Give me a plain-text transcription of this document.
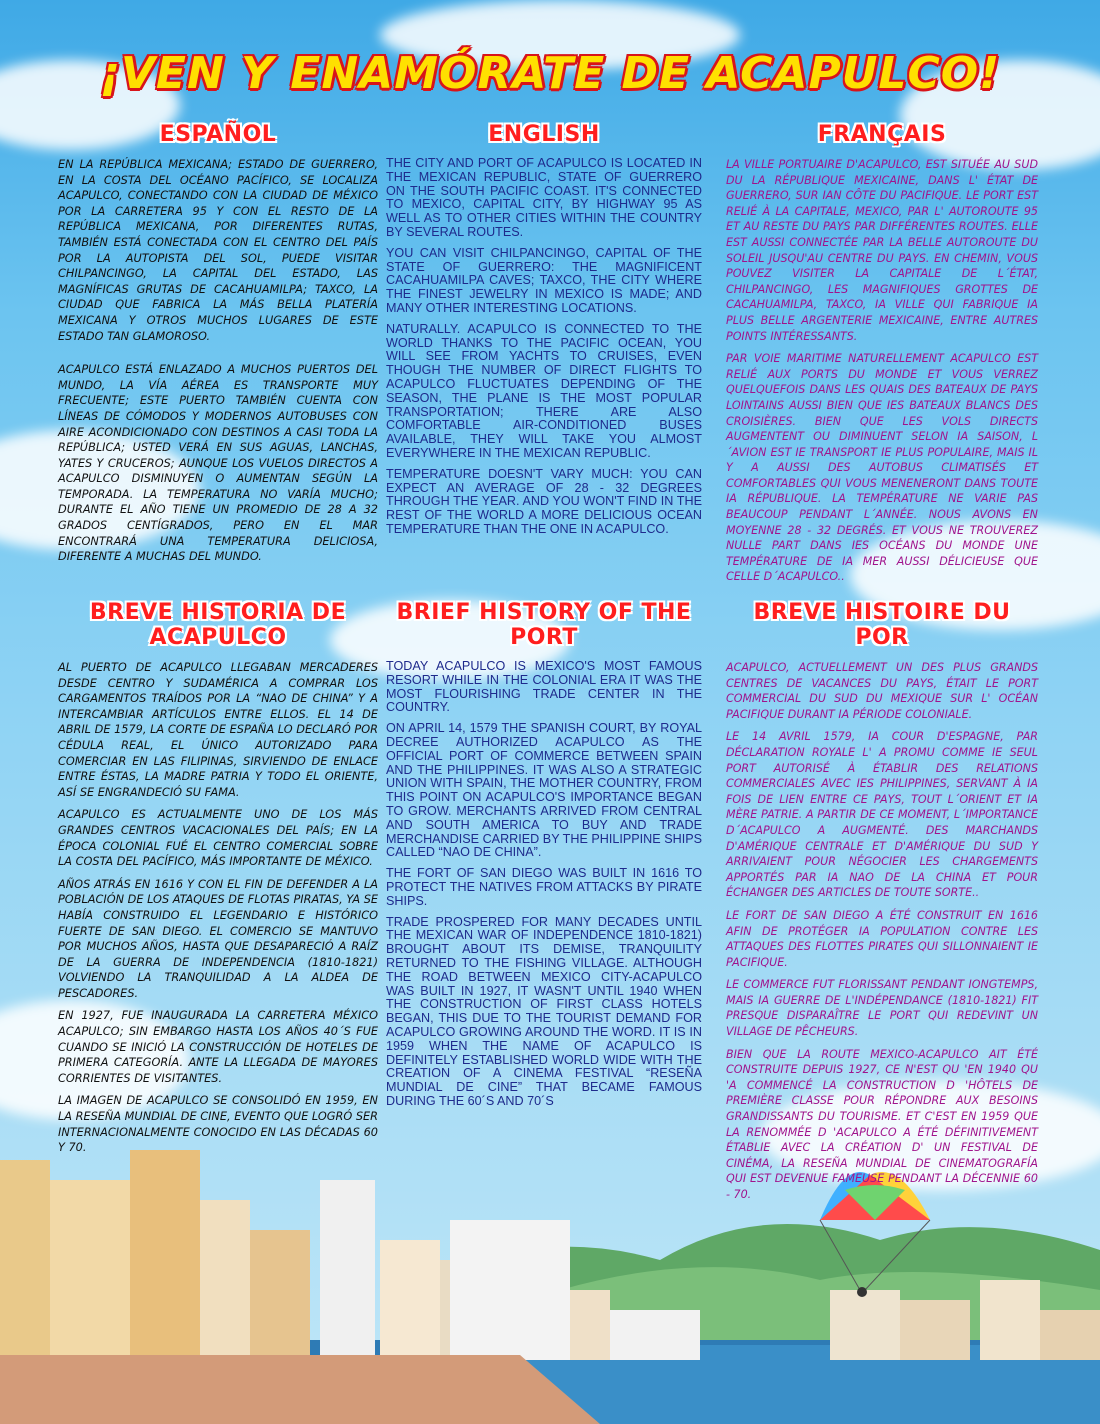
¡VEN Y ENAMÓRATE DE ACAPULCO!
ESPAÑOL

EN LA REPÚBLICA MEXICANA; ESTADO DE GUERRERO, EN LA COSTA DEL OCÉANO PACÍFICO, SE LOCALIZA ACAPULCO, CONECTANDO CON LA CIUDAD DE MÉXICO POR LA CARRETERA 95 Y CON EL RESTO DE LA REPÚBLICA MEXICANA, POR DIFERENTES RUTAS, TAMBIÉN ESTÁ CONECTADA CON EL CENTRO DEL PAÍS POR LA AUTOPISTA DEL SOL, PUEDE VISITAR CHILPANCINGO, LA CAPITAL DEL ESTADO, LAS MAGNÍFICAS GRUTAS DE CACAHUAMILPA; TAXCO, LA CIUDAD QUE FABRICA LA MÁS BELLA PLATERÍA MEXICANA Y OTROS MUCHOS LUGARES DE ESTE ESTADO TAN GLAMOROSO.

ACAPULCO ESTÁ ENLAZADO A MUCHOS PUERTOS DEL MUNDO, LA VÍA AÉREA ES TRANSPORTE MUY FRECUENTE; ESTE PUERTO TAMBIÉN CUENTA CON LÍNEAS DE CÓMODOS Y MODERNOS AUTOBUSES CON AIRE ACONDICIONADO CON DESTINOS A CASI TODA LA REPÚBLICA; USTED VERÁ EN SUS AGUAS, LANCHAS, YATES Y CRUCEROS; AUNQUE LOS VUELOS DIRECTOS A ACAPULCO DISMINUYEN O AUMENTAN SEGÚN LA TEMPORADA. LA TEMPERATURA NO VARÍA MUCHO; DURANTE EL AÑO TIENE UN PROMEDIO DE 28 A 32 GRADOS CENTÍGRADOS, PERO EN EL MAR ENCONTRARÁ UNA TEMPERATURA DELICIOSA, DIFERENTE A MUCHAS DEL MUNDO.

ENGLISH

THE CITY AND PORT OF ACAPULCO IS LOCATED IN THE MEXICAN REPUBLIC, STATE OF GUERRERO ON THE SOUTH PACIFIC COAST. IT'S CONNECTED TO MEXICO, CAPITAL CITY, BY HIGHWAY 95 AS WELL AS TO OTHER CITIES WITHIN THE COUNTRY BY SEVERAL ROUTES.

YOU CAN VISIT CHILPANCINGO, CAPITAL OF THE STATE OF GUERRERO: THE MAGNIFICENT CACAHUAMILPA CAVES; TAXCO, THE CITY WHERE THE FINEST JEWELRY IN MEXICO IS MADE; AND MANY OTHER INTERESTING LOCATIONS.

NATURALLY. ACAPULCO IS CONNECTED TO THE WORLD THANKS TO THE PACIFIC OCEAN, YOU WILL SEE FROM YACHTS TO CRUISES, EVEN THOUGH THE NUMBER OF DIRECT FLIGHTS TO ACAPULCO FLUCTUATES DEPENDING OF THE SEASON, THE PLANE IS THE MOST POPULAR TRANSPORTATION; THERE ARE ALSO COMFORTABLE AIR-CONDITIONED BUSES AVAILABLE, THEY WILL TAKE YOU ALMOST EVERYWHERE IN THE MEXICAN REPUBLIC.

TEMPERATURE DOESN'T VARY MUCH: YOU CAN EXPECT AN AVERAGE OF 28 - 32 DEGREES THROUGH THE YEAR. AND YOU WON'T FIND IN THE REST OF THE WORLD A MORE DELICIOUS OCEAN TEMPERATURE THAN THE ONE IN ACAPULCO.

FRANÇAIS

LA VILLE PORTUAIRE D'ACAPULCO, EST SITUÉE AU SUD DU LA RÉPUBLIQUE MEXICAINE, DANS L' ÉTAT DE GUERRERO, SUR IAN CÔTE DU PACIFIQUE. LE PORT EST RELIÉ À LA CAPITALE, MEXICO, PAR L' AUTOROUTE 95 ET AU RESTE DU PAYS PAR DIFFÉRENTES ROUTES. ELLE EST AUSSI CONNECTÉE PAR LA BELLE AUTOROUTE DU SOLEIL JUSQU'AU CENTRE DU PAYS. EN CHEMIN, VOUS POUVEZ VISITER LA CAPITALE DE L´ÉTAT, CHILPANCINGO, LES MAGNIFIQUES GROTTES DE CACAHUAMILPA, TAXCO, IA VILLE QUI FABRIQUE IA PLUS BELLE ARGENTERIE MEXICAINE, ENTRE AUTRES POINTS INTÉRESSANTS.

PAR VOIE MARITIME NATURELLEMENT ACAPULCO EST RELIÉ AUX PORTS DU MONDE ET VOUS VERREZ QUELQUEFOIS DANS LES QUAIS DES BATEAUX DE PAYS LOINTAINS AUSSI BIEN QUE IES BATEAUX BLANCS DES CROISIÈRES. BIEN QUE LES VOLS DIRECTS AUGMENTENT OU DIMINUENT SELON IA SAISON, L´AVION EST IE TRANSPORT IE PLUS POPULAIRE, MAIS IL Y A AUSSI DES AUTOBUS CLIMATISÉS ET COMFORTABLES QUI VOUS MENENERONT DANS TOUTE IA RÉPUBLIQUE. LA TEMPÉRATURE NE VARIE PAS BEAUCOUP PENDANT L´ANNÉE. NOUS AVONS EN MOYENNE 28 - 32 DEGRÉS. ET VOUS NE TROUVEREZ NULLE PART DANS IES OCÉANS DU MONDE UNE TEMPÉRATURE DE IA MER AUSSI DÉLICIEUSE QUE CELLE D´ACAPULCO..

BREVE HISTORIA DE ACAPULCO

AL PUERTO DE ACAPULCO LLEGABAN MERCADERES DESDE CENTRO Y SUDAMÉRICA A COMPRAR LOS CARGAMENTOS TRAÍDOS POR LA “NAO DE CHINA” Y A INTERCAMBIAR ARTÍCULOS ENTRE ELLOS. EL 14 DE ABRIL DE 1579, LA CORTE DE ESPAÑA LO DECLARÓ POR CÉDULA REAL, EL ÚNICO AUTORIZADO PARA COMERCIAR EN LAS FILIPINAS, SIRVIENDO DE ENLACE ENTRE ÉSTAS, LA MADRE PATRIA Y TODO EL ORIENTE, ASÍ SE ENGRANDECIÓ SU FAMA.

ACAPULCO ES ACTUALMENTE UNO DE LOS MÁS GRANDES CENTROS VACACIONALES DEL PAÍS; EN LA ÉPOCA COLONIAL FUÉ EL CENTRO COMERCIAL SOBRE LA COSTA DEL PACÍFICO, MÁS IMPORTANTE DE MÉXICO.

AÑOS ATRÁS EN 1616 Y CON EL FIN DE DEFENDER A LA POBLACIÓN DE LOS ATAQUES DE FLOTAS PIRATAS, YA SE HABÍA CONSTRUIDO EL LEGENDARIO E HISTÓRICO FUERTE DE SAN DIEGO. EL COMERCIO SE MANTUVO POR MUCHOS AÑOS, HASTA QUE DESAPARECIÓ A RAÍZ DE LA GUERRA DE INDEPENDENCIA (1810-1821) VOLVIENDO LA TRANQUILIDAD A LA ALDEA DE PESCADORES.

EN 1927, FUE INAUGURADA LA CARRETERA MÉXICO ACAPULCO; SIN EMBARGO HASTA LOS AÑOS 40´S FUE CUANDO SE INICIÓ LA CONSTRUCCIÓN DE HOTELES DE PRIMERA CATEGORÍA. ANTE LA LLEGADA DE MAYORES CORRIENTES DE VISITANTES.

LA IMAGEN DE ACAPULCO SE CONSOLIDÓ EN 1959, EN LA RESEÑA MUNDIAL DE CINE, EVENTO QUE LOGRÓ SER INTERNACIONALMENTE CONOCIDO EN LAS DÉCADAS 60 Y 70.

BRIEF HISTORY OF THE PORT

TODAY ACAPULCO IS MEXICO'S MOST FAMOUS RESORT WHILE IN THE COLONIAL ERA IT WAS THE MOST FLOURISHING TRADE CENTER IN THE COUNTRY.

ON APRIL 14, 1579 THE SPANISH COURT, BY ROYAL DECREE AUTHORIZED ACAPULCO AS THE OFFICIAL PORT OF COMMERCE BETWEEN SPAIN AND THE PHILIPPINES. IT WAS ALSO A STRATEGIC UNION WITH SPAIN, THE MOTHER COUNTRY, FROM THIS POINT ON ACAPULCO'S IMPORTANCE BEGAN TO GROW. MERCHANTS ARRIVED FROM CENTRAL AND SOUTH AMERICA TO BUY AND TRADE MERCHANDISE CARRIED BY THE PHILIPPINE SHIPS CALLED “NAO DE CHINA”.

THE FORT OF SAN DIEGO WAS BUILT IN 1616 TO PROTECT THE NATIVES FROM ATTACKS BY PIRATE SHIPS.

TRADE PROSPERED FOR MANY DECADES UNTIL THE MEXICAN WAR OF INDEPENDENCE 1810-1821) BROUGHT ABOUT ITS DEMISE, TRANQUILITY RETURNED TO THE FISHING VILLAGE. ALTHOUGH THE ROAD BETWEEN MEXICO CITY-ACAPULCO WAS BUILT IN 1927, IT WASN'T UNTIL 1940 WHEN THE CONSTRUCTION OF FIRST CLASS HOTELS BEGAN, THIS DUE TO THE TOURIST DEMAND FOR ACAPULCO GROWING AROUND THE WORD. IT IS IN 1959 WHEN THE NAME OF ACAPULCO IS DEFINITELY ESTABLISHED WORLD WIDE WITH THE CREATION OF A CINEMA FESTIVAL “RESEÑA MUNDIAL DE CINE” THAT BECAME FAMOUS DURING THE 60´S AND 70´S

BREVE HISTOIRE DU POR

ACAPULCO, ACTUELLEMENT UN DES PLUS GRANDS CENTRES DE VACANCES DU PAYS, ÉTAIT LE PORT COMMERCIAL DU SUD DU MEXIQUE SUR L' OCÉAN PACIFIQUE DURANT IA PÉRIODE COLONIALE.

LE 14 AVRIL 1579, IA COUR D'ESPAGNE, PAR DÉCLARATION ROYALE L' A PROMU COMME IE SEUL PORT AUTORISÉ À ÉTABLIR DES RELATIONS COMMERCIALES AVEC IES PHILIPPINES, SERVANT À IA FOIS DE LIEN ENTRE CE PAYS, TOUT L´ORIENT ET IA MÈRE PATRIE. A PARTIR DE CE MOMENT, L´IMPORTANCE D´ACAPULCO A AUGMENTÉ. DES MARCHANDS D'AMÉRIQUE CENTRALE ET D'AMÉRIQUE DU SUD Y ARRIVAIENT POUR NÉGOCIER LES CHARGEMENTS APPORTÉS PAR IA NAO DE LA CHINA ET POUR ÉCHANGER DES ARTICLES DE TOUTE SORTE..

LE FORT DE SAN DIEGO A ÉTÉ CONSTRUIT EN 1616 AFIN DE PROTÉGER IA POPULATION CONTRE LES ATTAQUES DES FLOTTES PIRATES QUI SILLONNAIENT IE PACIFIQUE.

LE COMMERCE FUT FLORISSANT PENDANT IONGTEMPS, MAIS IA GUERRE DE L'INDÉPENDANCE (1810-1821) FIT PRESQUE DISPARAÎTRE LE PORT QUI REDEVINT UN VILLAGE DE PÊCHEURS.

BIEN QUE LA ROUTE MEXICO-ACAPULCO AIT ÉTÉ CONSTRUITE DEPUIS 1927, CE N'EST QU 'EN 1940 QU 'A COMMENCÉ LA CONSTRUCTION D 'HÔTELS DE PREMIÈRE CLASSE POUR RÉPONDRE AUX BESOINS GRANDISSANTS DU TOURISME. ET C'EST EN 1959 QUE LA RENOMMÉE D 'ACAPULCO A ÉTÉ DÉFINITIVEMENT ÉTABLIE AVEC LA CRÉATION D' UN FESTIVAL DE CINÉMA, LA RESEÑA MUNDIAL DE CINEMATOGRAFÍA QUI EST DEVENUE FAMEUSE PENDANT LA DÉCENNIE 60 - 70.
